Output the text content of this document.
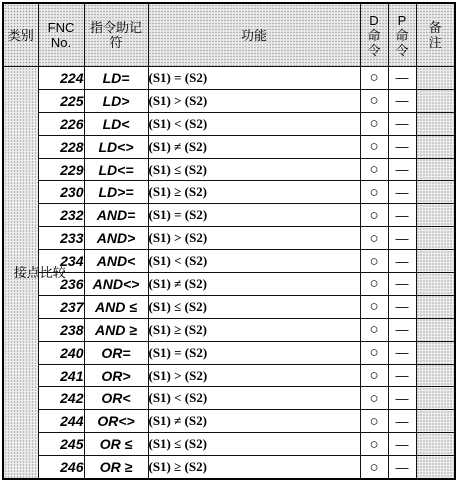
类别	FNC No.	指令助记符	功能	D命令	P命令	备注
接点比较	224	LD=	(S1) = (S2)	○	—	
	225	LD>	(S1) > (S2)	○	—	
	226	LD<	(S1) < (S2)	○	—	
	228	LD<>	(S1) ≠ (S2)	○	—	
	229	LD<=	(S1) ≤ (S2)	○	—	
	230	LD>=	(S1) ≥ (S2)	○	—	
	232	AND=	(S1) = (S2)	○	—	
	233	AND>	(S1) > (S2)	○	—	
	234	AND<	(S1) < (S2)	○	—	
	236	AND<>	(S1) ≠ (S2)	○	—	
	237	AND ≤	(S1) ≤ (S2)	○	—	
	238	AND ≥	(S1) ≥ (S2)	○	—	
	240	OR=	(S1) = (S2)	○	—	
	241	OR>	(S1) > (S2)	○	—	
	242	OR<	(S1) < (S2)	○	—	
	244	OR<>	(S1) ≠ (S2)	○	—	
	245	OR ≤	(S1) ≤ (S2)	○	—	
	246	OR ≥	(S1) ≥ (S2)	○	—	
